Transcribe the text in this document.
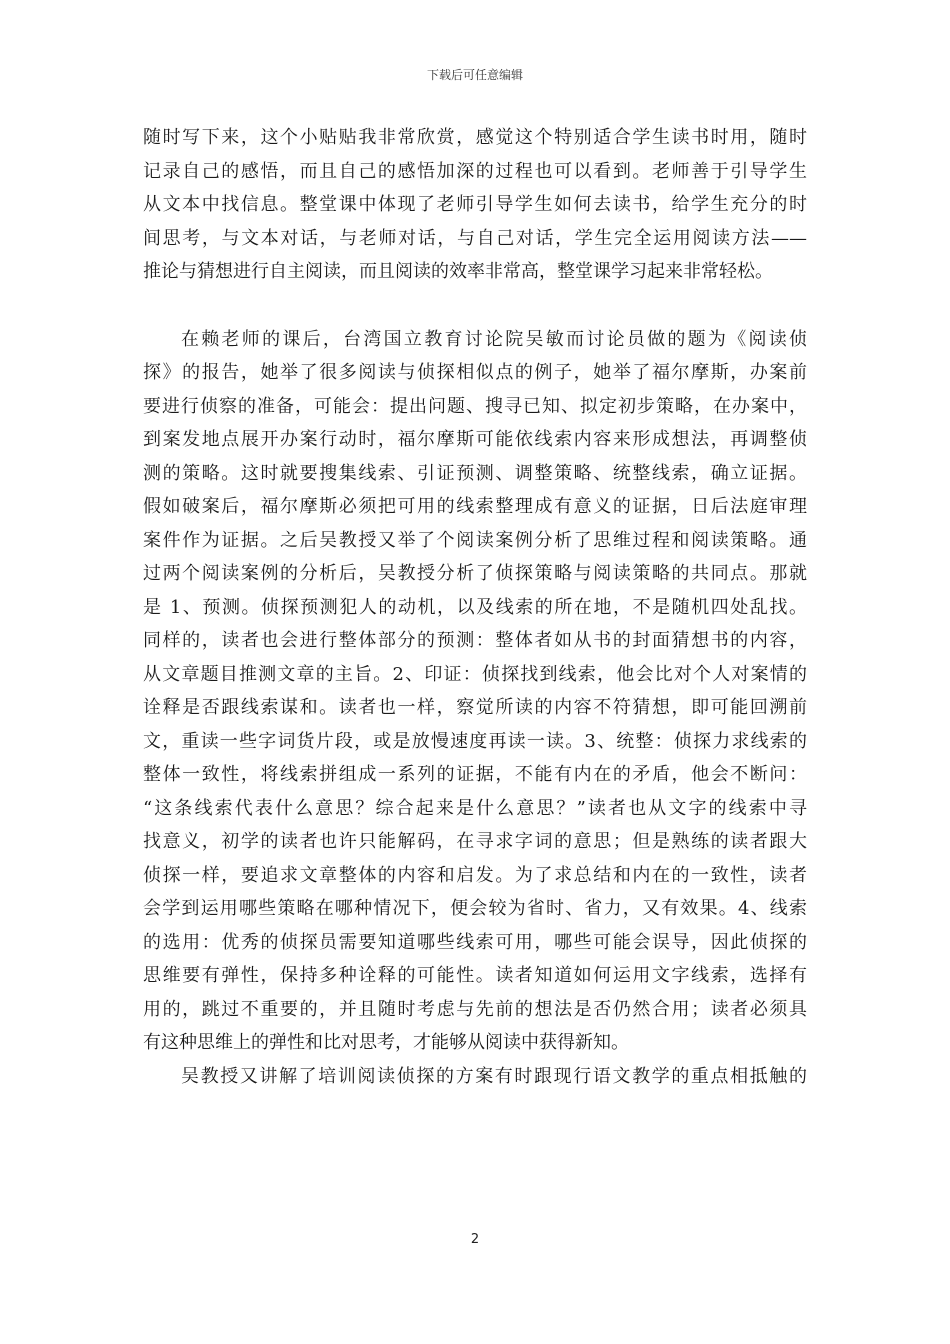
下载后可任意编辑
随时写下来，这个小贴贴我非常欣赏，感觉这个特别适合学生读书时用，随时
记录自己的感悟，而且自己的感悟加深的过程也可以看到。老师善于引导学生
从文本中找信息。整堂课中体现了老师引导学生如何去读书，给学生充分的时
间思考，与文本对话，与老师对话，与自己对话，学生完全运用阅读方法——
推论与猜想进行自主阅读，而且阅读的效率非常高，整堂课学习起来非常轻松。
在赖老师的课后，台湾国立教育讨论院吴敏而讨论员做的题为《阅读侦
探》的报告，她举了很多阅读与侦探相似点的例子，她举了福尔摩斯，办案前
要进行侦察的准备，可能会：提出问题、搜寻已知、拟定初步策略，在办案中，
到案发地点展开办案行动时，福尔摩斯可能依线索内容来形成想法，再调整侦
测的策略。这时就要搜集线索、引证预测、调整策略、统整线索，确立证据。
假如破案后，福尔摩斯必须把可用的线索整理成有意义的证据，日后法庭审理
案件作为证据。之后吴教授又举了个阅读案例分析了思维过程和阅读策略。通
过两个阅读案例的分析后，吴教授分析了侦探策略与阅读策略的共同点。那就
是 1、预测。侦探预测犯人的动机，以及线索的所在地，不是随机四处乱找。
同样的，读者也会进行整体部分的预测：整体者如从书的封面猜想书的内容，
从文章题目推测文章的主旨。2、印证：侦探找到线索，他会比对个人对案情的
诠释是否跟线索谋和。读者也一样，察觉所读的内容不符猜想，即可能回溯前
文，重读一些字词货片段，或是放慢速度再读一读。3、统整：侦探力求线索的
整体一致性，将线索拼组成一系列的证据，不能有内在的矛盾，他会不断问：
“这条线索代表什么意思？综合起来是什么意思？”读者也从文字的线索中寻
找意义，初学的读者也许只能解码，在寻求字词的意思；但是熟练的读者跟大
侦探一样，要追求文章整体的内容和启发。为了求总结和内在的一致性，读者
会学到运用哪些策略在哪种情况下，便会较为省时、省力，又有效果。4、线索
的选用：优秀的侦探员需要知道哪些线索可用，哪些可能会误导，因此侦探的
思维要有弹性，保持多种诠释的可能性。读者知道如何运用文字线索，选择有
用的，跳过不重要的，并且随时考虑与先前的想法是否仍然合用；读者必须具
有这种思维上的弹性和比对思考，才能够从阅读中获得新知。
吴教授又讲解了培训阅读侦探的方案有时跟现行语文教学的重点相抵触的
2
